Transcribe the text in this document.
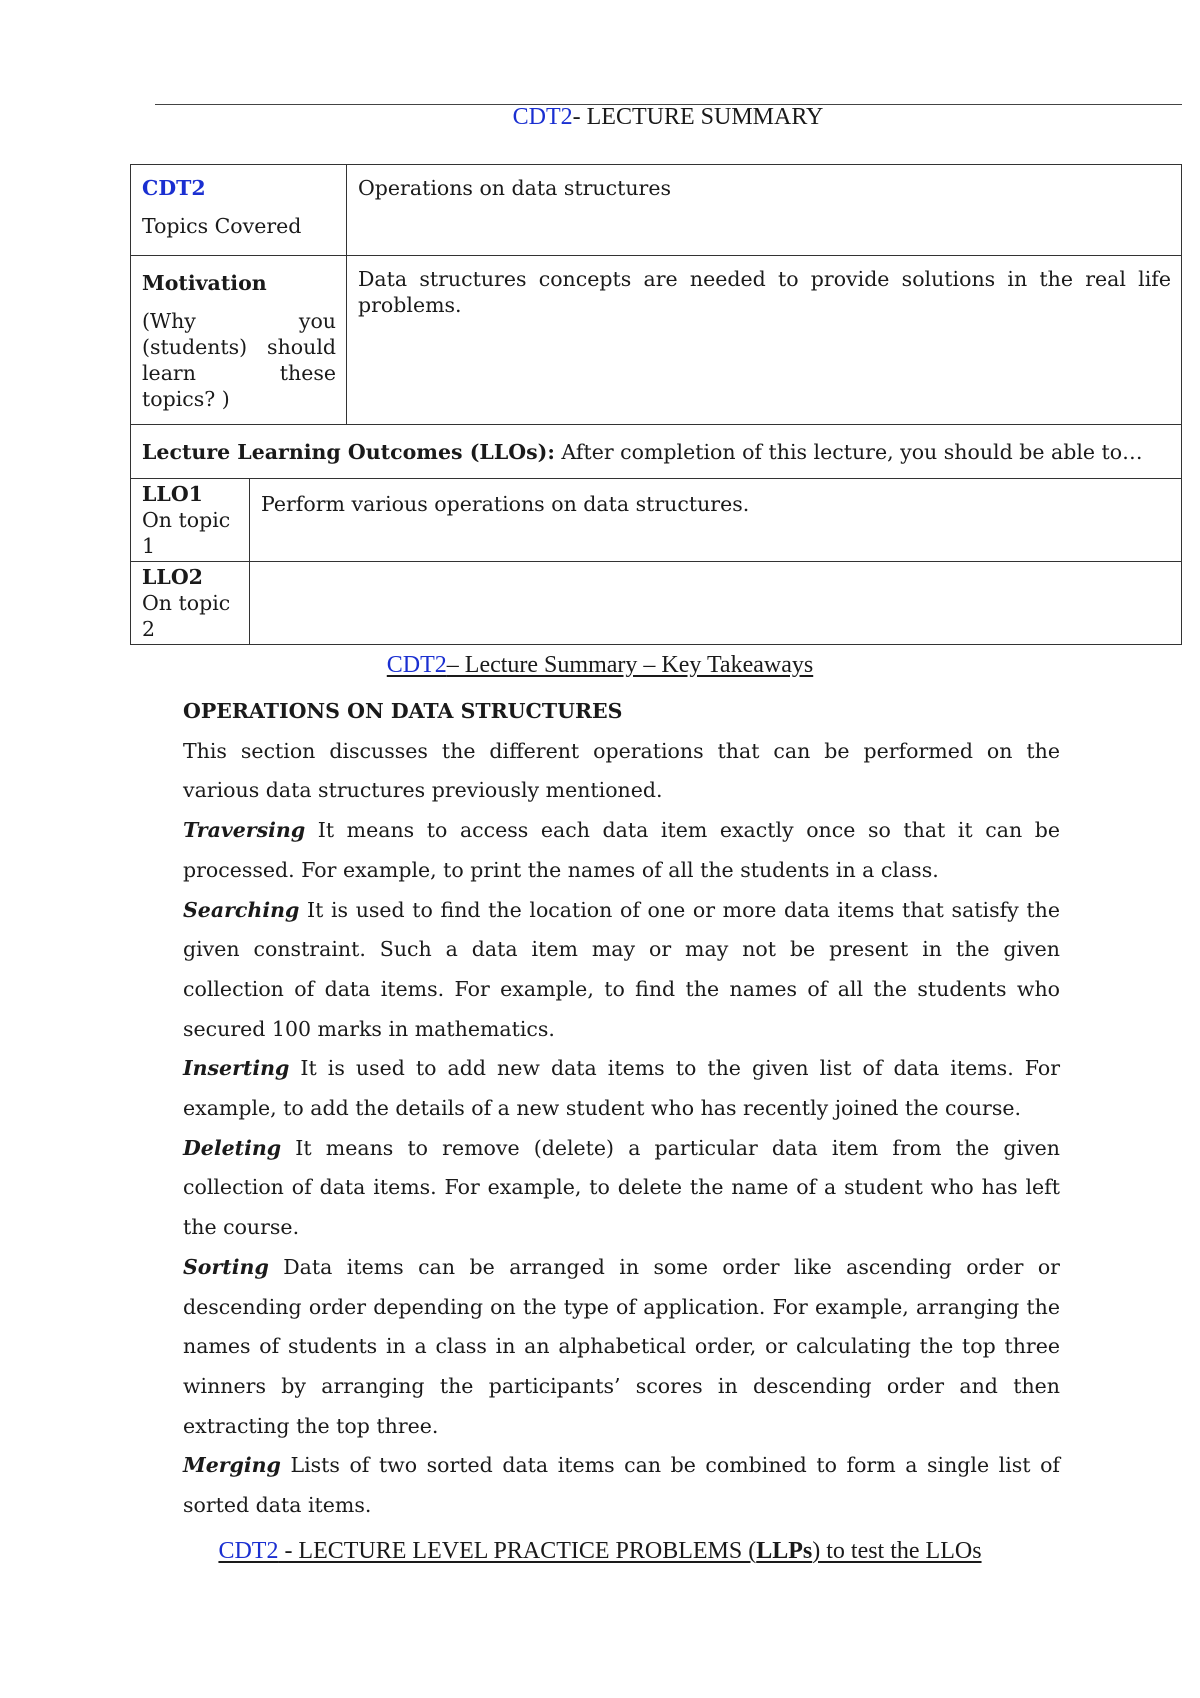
CDT2- LECTURE SUMMARY
CDT2
Topics Covered		Operations on data structures

Motivation
(Why you (students) should learn these topics? )		Data structures concepts are needed to provide solutions in the real life problems.
Lecture Learning Outcomes (LLOs): After completion of this lecture, you should be able to…		

LLO1
On topic 1	Perform various operations on data structures.	

LLO2
On topic 2		

CDT2– Lecture Summary – Key Takeaways

OPERATIONS ON DATA STRUCTURES

This section discusses the different operations that can be performed on the various data structures previously mentioned.

Traversing It means to access each data item exactly once so that it can be processed. For example, to print the names of all the students in a class.

Searching It is used to find the location of one or more data items that satisfy the given constraint. Such a data item may or may not be present in the given collection of data items. For example, to find the names of all the students who secured 100 marks in mathematics.

Inserting It is used to add new data items to the given list of data items. For example, to add the details of a new student who has recently joined the course.

Deleting It means to remove (delete) a particular data item from the given collection of data items. For example, to delete the name of a student who has left the course.

Sorting Data items can be arranged in some order like ascending order or descending order depending on the type of application. For example, arranging the names of students in a class in an alphabetical order, or calculating the top three winners by arranging the participants’ scores in descending order and then extracting the top three.

Merging Lists of two sorted data items can be combined to form a single list of sorted data items.

CDT2 - LECTURE LEVEL PRACTICE PROBLEMS (LLPs) to test the LLOs
